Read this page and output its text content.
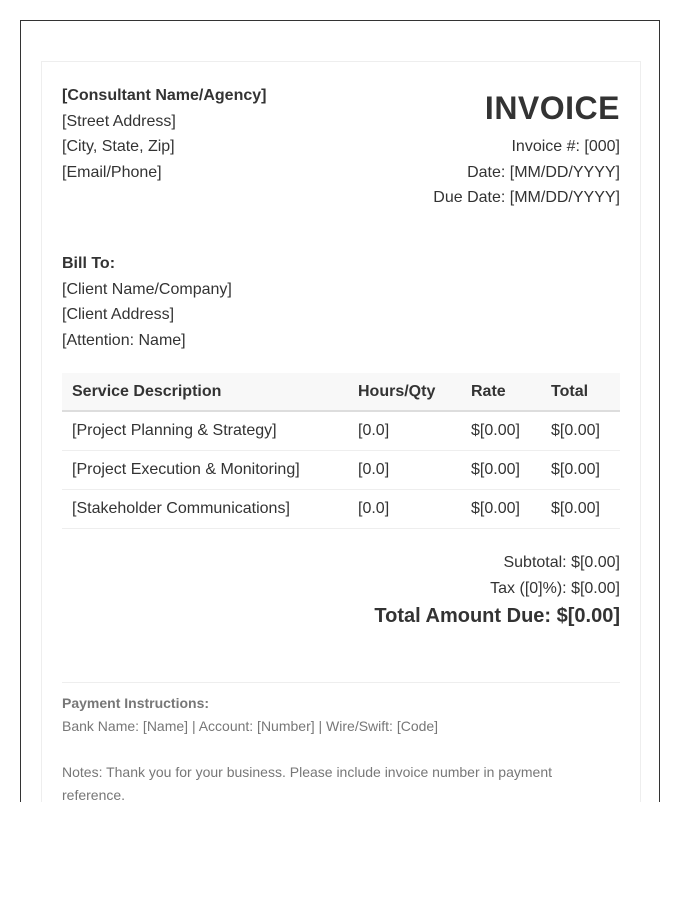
[Consultant Name/Agency]
[Street Address]
[City, State, Zip]
[Email/Phone]
INVOICE
Invoice #: [000]
Date: [MM/DD/YYYY]
Due Date: [MM/DD/YYYY]
Bill To:
[Client Name/Company]
[Client Address]
[Attention: Name]
Service Description	Hours/Qty	Rate	Total
[Project Planning & Strategy]	[0.0]	$[0.00]	$[0.00]
[Project Execution & Monitoring]	[0.0]	$[0.00]	$[0.00]
[Stakeholder Communications]	[0.0]	$[0.00]	$[0.00]
Subtotal: $[0.00]
Tax ([0]%): $[0.00]
Total Amount Due: $[0.00]
Payment Instructions:
Bank Name: [Name] | Account: [Number] | Wire/Swift: [Code]
Notes: Thank you for your business. Please include invoice number in payment
reference.
